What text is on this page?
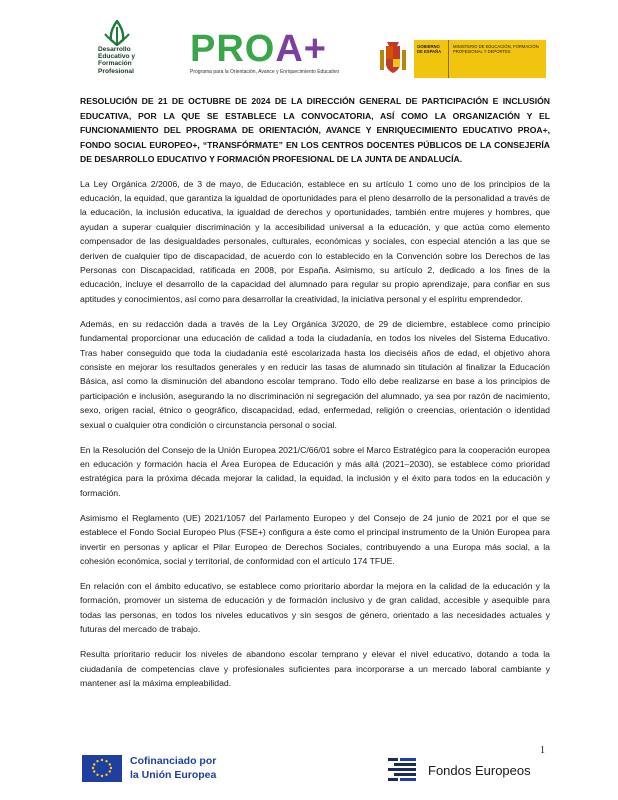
Desarrollo
Educativo y
Formación
Profesional
PROA+
Programa para la Orientación, Avance y Enriquecimiento Educativo
GOBIERNO DE ESPAÑA
MINISTERIO DE EDUCACIÓN, FORMACIÓN PROFESIONAL Y DEPORTES

RESOLUCIÓN DE 21 DE OCTUBRE DE 2024 DE LA DIRECCIÓN GENERAL DE PARTICIPACIÓN E INCLUSIÓN EDUCATIVA, POR LA QUE SE ESTABLECE LA CONVOCATORIA, ASÍ COMO LA ORGANIZACIÓN Y EL FUNCIONAMIENTO DEL PROGRAMA DE ORIENTACIÓN, AVANCE Y ENRIQUECIMIENTO EDUCATIVO PROA+, FONDO SOCIAL EUROPEO+, “TRANSFÓRMATE” EN LOS CENTROS DOCENTES PÚBLICOS DE LA CONSEJERÍA DE DESARROLLO EDUCATIVO Y FORMACIÓN PROFESIONAL DE LA JUNTA DE ANDALUCÍA.

La Ley Orgánica 2/2006, de 3 de mayo, de Educación, establece en su artículo 1 como uno de los principios de la educación, la equidad, que garantiza la igualdad de oportunidades para el pleno desarrollo de la personalidad a través de la educación, la inclusión educativa, la igualdad de derechos y oportunidades, también entre mujeres y hombres, que ayudan a superar cualquier discriminación y la accesibilidad universal a la educación, y que actúa como elemento compensador de las desigualdades personales, culturales, económicas y sociales, con especial atención a las que se deriven de cualquier tipo de discapacidad, de acuerdo con lo establecido en la Convención sobre los Derechos de las Personas con Discapacidad, ratificada en 2008, por España. Asimismo, su artículo 2, dedicado a los fines de la educación, incluye el desarrollo de la capacidad del alumnado para regular su propio aprendizaje, para confiar en sus aptitudes y conocimientos, así como para desarrollar la creatividad, la iniciativa personal y el espíritu emprendedor.

Además, en su redacción dada a través de la Ley Orgánica 3/2020, de 29 de diciembre, establece como principio fundamental proporcionar una educación de calidad a toda la ciudadanía, en todos los niveles del Sistema Educativo. Tras haber conseguido que toda la ciudadanía esté escolarizada hasta los dieciséis años de edad, el objetivo ahora consiste en mejorar los resultados generales y en reducir las tasas de alumnado sin titulación al finalizar la Educación Básica, así como la disminución del abandono escolar temprano. Todo ello debe realizarse en base a los principios de participación e inclusión, asegurando la no discriminación ni segregación del alumnado, ya sea por razón de nacimiento, sexo, origen racial, étnico o geográfico, discapacidad, edad, enfermedad, religión o creencias, orientación o identidad sexual o cualquier otra condición o circunstancia personal o social.

En la Resolución del Consejo de la Unión Europea 2021/C/66/01 sobre el Marco Estratégico para la cooperación europea en educación y formación hacia el Área Europea de Educación y más allá (2021–2030), se establece como prioridad estratégica para la próxima década mejorar la calidad, la equidad, la inclusión y el éxito para todos en la educación y formación.

Asimismo el Reglamento (UE) 2021/1057 del Parlamento Europeo y del Consejo de 24 junio de 2021 por el que se establece el Fondo Social Europeo Plus (FSE+) configura a éste como el principal instrumento de la Unión Europea para invertir en personas y aplicar el Pilar Europeo de Derechos Sociales, contribuyendo a una Europa más social, a la cohesión económica, social y territorial, de conformidad con el artículo 174 TFUE.

En relación con el ámbito educativo, se establece como prioritario abordar la mejora en la calidad de la educación y la formación, promover un sistema de educación y de formación inclusivo y de gran calidad, accesible y asequible para todas las personas, en todos los niveles educativos y sin sesgos de género, orientado a las necesidades actuales y futuras del mercado de trabajo.

Resulta prioritario reducir los niveles de abandono escolar temprano y elevar el nivel educativo, dotando a toda la ciudadanía de competencias clave y profesionales suficientes para incorporarse a un mercado laboral cambiante y mantener así la máxima empleabilidad.

Cofinanciado por
la Unión Europea
1
Fondos Europeos
